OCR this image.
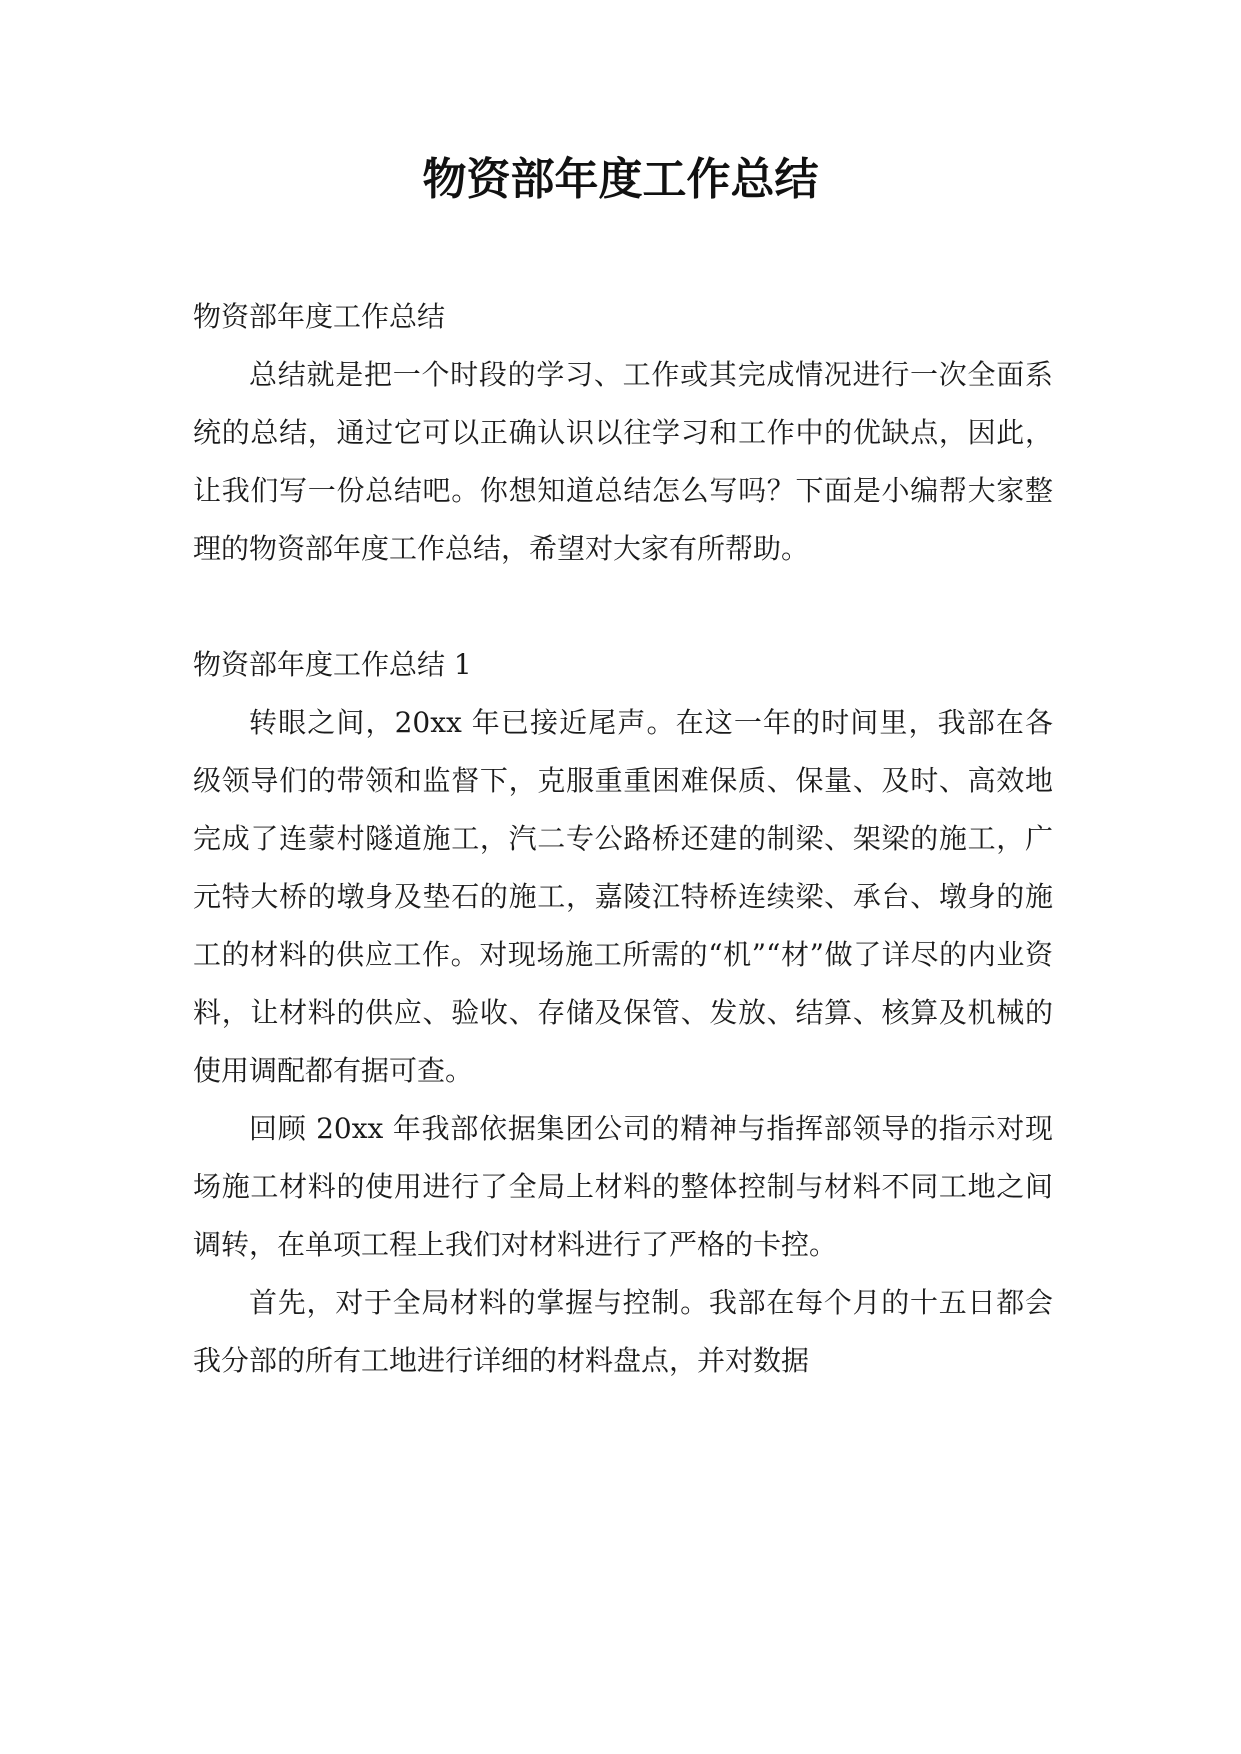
物资部年度工作总结

物资部年度工作总结

总结就是把一个时段的学习、工作或其完成情况进行一次全面系统的总结，通过它可以正确认识以往学习和工作中的优缺点，因此，让我们写一份总结吧。你想知道总结怎么写吗？下面是小编帮大家整理的物资部年度工作总结，希望对大家有所帮助。

物资部年度工作总结 1

转眼之间，20xx 年已接近尾声。在这一年的时间里，我部在各级领导们的带领和监督下，克服重重困难保质、保量、及时、高效地完成了连蒙村隧道施工，汽二专公路桥还建的制梁、架梁的施工，广元特大桥的墩身及垫石的施工，嘉陵江特桥连续梁、承台、墩身的施工的材料的供应工作。对现场施工所需的“机”“材”做了详尽的内业资料，让材料的供应、验收、存储及保管、发放、结算、核算及机械的使用调配都有据可查。

回顾 20xx 年我部依据集团公司的精神与指挥部领导的指示对现场施工材料的使用进行了全局上材料的整体控制与材料不同工地之间调转，在单项工程上我们对材料进行了严格的卡控。

首先，对于全局材料的掌握与控制。我部在每个月的十五日都会我分部的所有工地进行详细的材料盘点，并对数据
